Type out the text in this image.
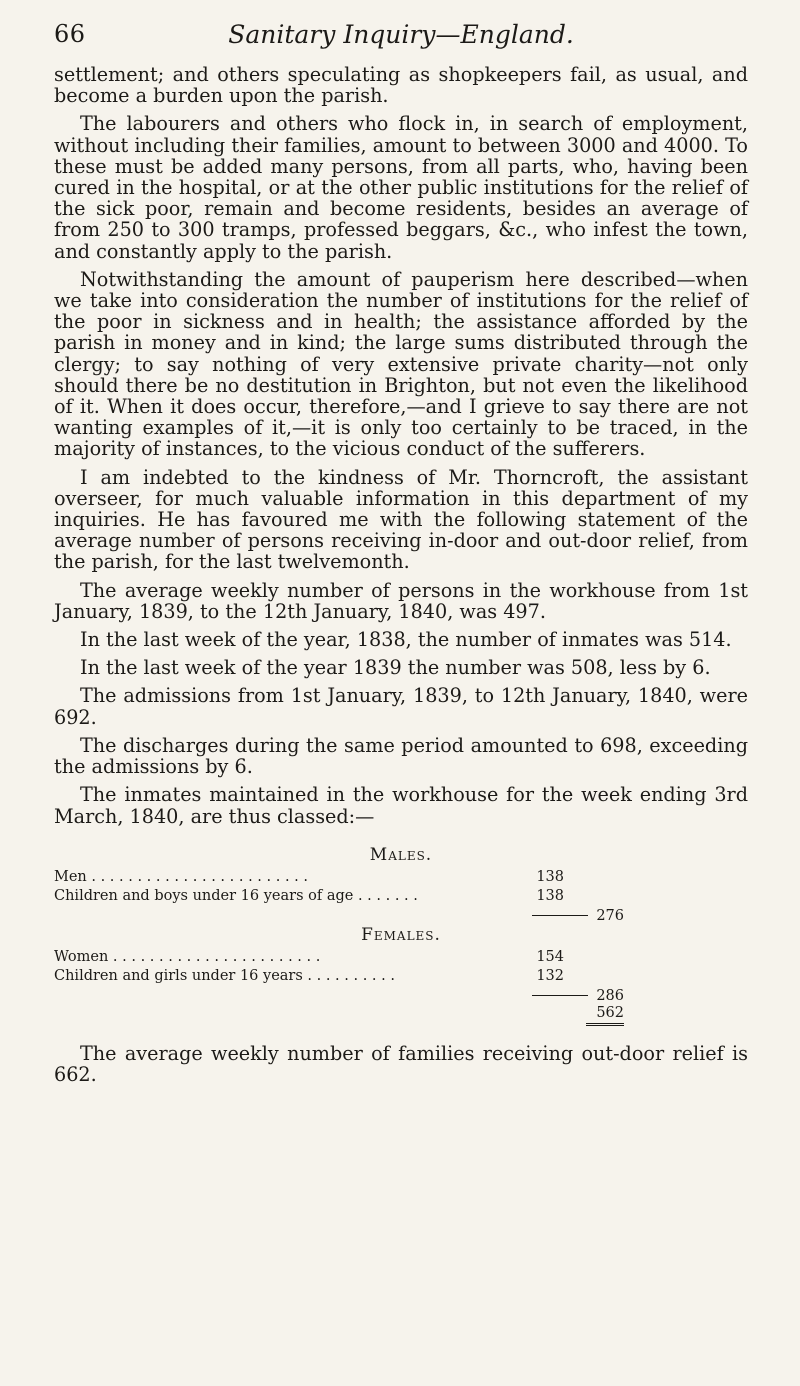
66	Sanitary Inquiry—England.

settlement; and others speculating as shopkeepers fail, as usual, and become a burden upon the parish.

The labourers and others who flock in, in search of employment, without including their families, amount to between 3000 and 4000. To these must be added many persons, from all parts, who, having been cured in the hospital, or at the other public institutions for the relief of the sick poor, remain and become residents, besides an average of from 250 to 300 tramps, professed beggars, &c., who infest the town, and constantly apply to the parish.

Notwithstanding the amount of pauperism here described—when we take into consideration the number of institutions for the relief of the poor in sickness and in health; the assistance afforded by the parish in money and in kind; the large sums distributed through the clergy; to say nothing of very extensive private charity—not only should there be no destitution in Brighton, but not even the likelihood of it. When it does occur, therefore,—and I grieve to say there are not wanting examples of it,—it is only too certainly to be traced, in the majority of instances, to the vicious conduct of the sufferers.

I am indebted to the kindness of Mr. Thorncroft, the assistant overseer, for much valuable information in this department of my inquiries. He has favoured me with the following statement of the average number of persons receiving in-door and out-door relief, from the parish, for the last twelvemonth.

The average weekly number of persons in the workhouse from 1st January, 1839, to the 12th January, 1840, was 497.

In the last week of the year, 1838, the number of inmates was 514.

In the last week of the year 1839 the number was 508, less by 6.

The admissions from 1st January, 1839, to 12th January, 1840, were 692.

The discharges during the same period amounted to 698, exceeding the admissions by 6.

The inmates maintained in the workhouse for the week ending 3rd March, 1840, are thus classed:—

Males.
Men . . . . . . . . . . . . . . . . . . . . . . . .	138
Children and boys under 16 years of age . . . . . . .	138
276
Females.
Women . . . . . . . . . . . . . . . . . . . . . . .	154
Children and girls under 16 years . . . . . . . . . .	132
286
562

The average weekly number of families receiving out-door relief is 662.
